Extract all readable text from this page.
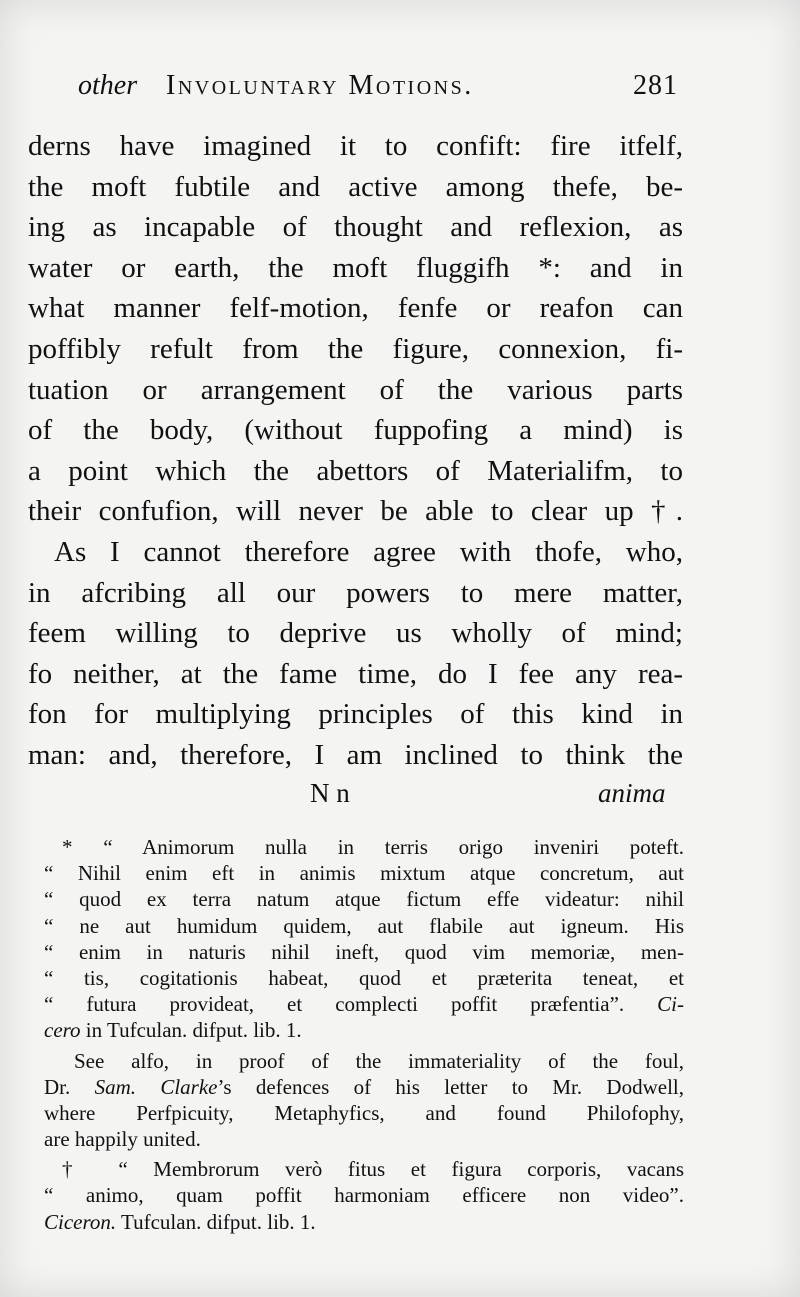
other Involuntary Motions.	281
derns have imagined it to confift: fire itfelf,
the moft fubtile and active among thefe, be-
ing as incapable of thought and reflexion, as
water or earth, the moft fluggifh *: and in
what manner felf-motion, fenfe or reafon can
poffibly refult from the figure, connexion, fi-
tuation or arrangement of the various parts
of the body, (without fuppofing a mind) is
a point which the abettors of Materialifm, to
their confufion, will never be able to clear up †.
As I cannot therefore agree with thofe, who,
in afcribing all our powers to mere matter,
feem willing to deprive us wholly of mind;
fo neither, at the fame time, do I fee any rea-
fon for multiplying principles of this kind in
man: and, therefore, I am inclined to think the
N n	anima
* “ Animorum nulla in terris origo inveniri poteft.
“ Nihil enim eft in animis mixtum atque concretum, aut
“ quod ex terra natum atque fictum effe videatur: nihil
“ ne aut humidum quidem, aut flabile aut igneum. His
“ enim in naturis nihil ineft, quod vim memoriæ, men-
“ tis, cogitationis habeat, quod et præterita teneat, et
“ futura provideat, et complecti poffit præfentia”. Ci-
cero in Tufculan. difput. lib. 1.
See alfo, in proof of the immateriality of the foul,
Dr. Sam. Clarke’s defences of his letter to Mr. Dodwell,
where Perfpicuity, Metaphyfics, and found Philofophy,
are happily united.
† “ Membrorum verò fitus et figura corporis, vacans
“ animo, quam poffit harmoniam efficere non video”.
Ciceron. Tufculan. difput. lib. 1.
